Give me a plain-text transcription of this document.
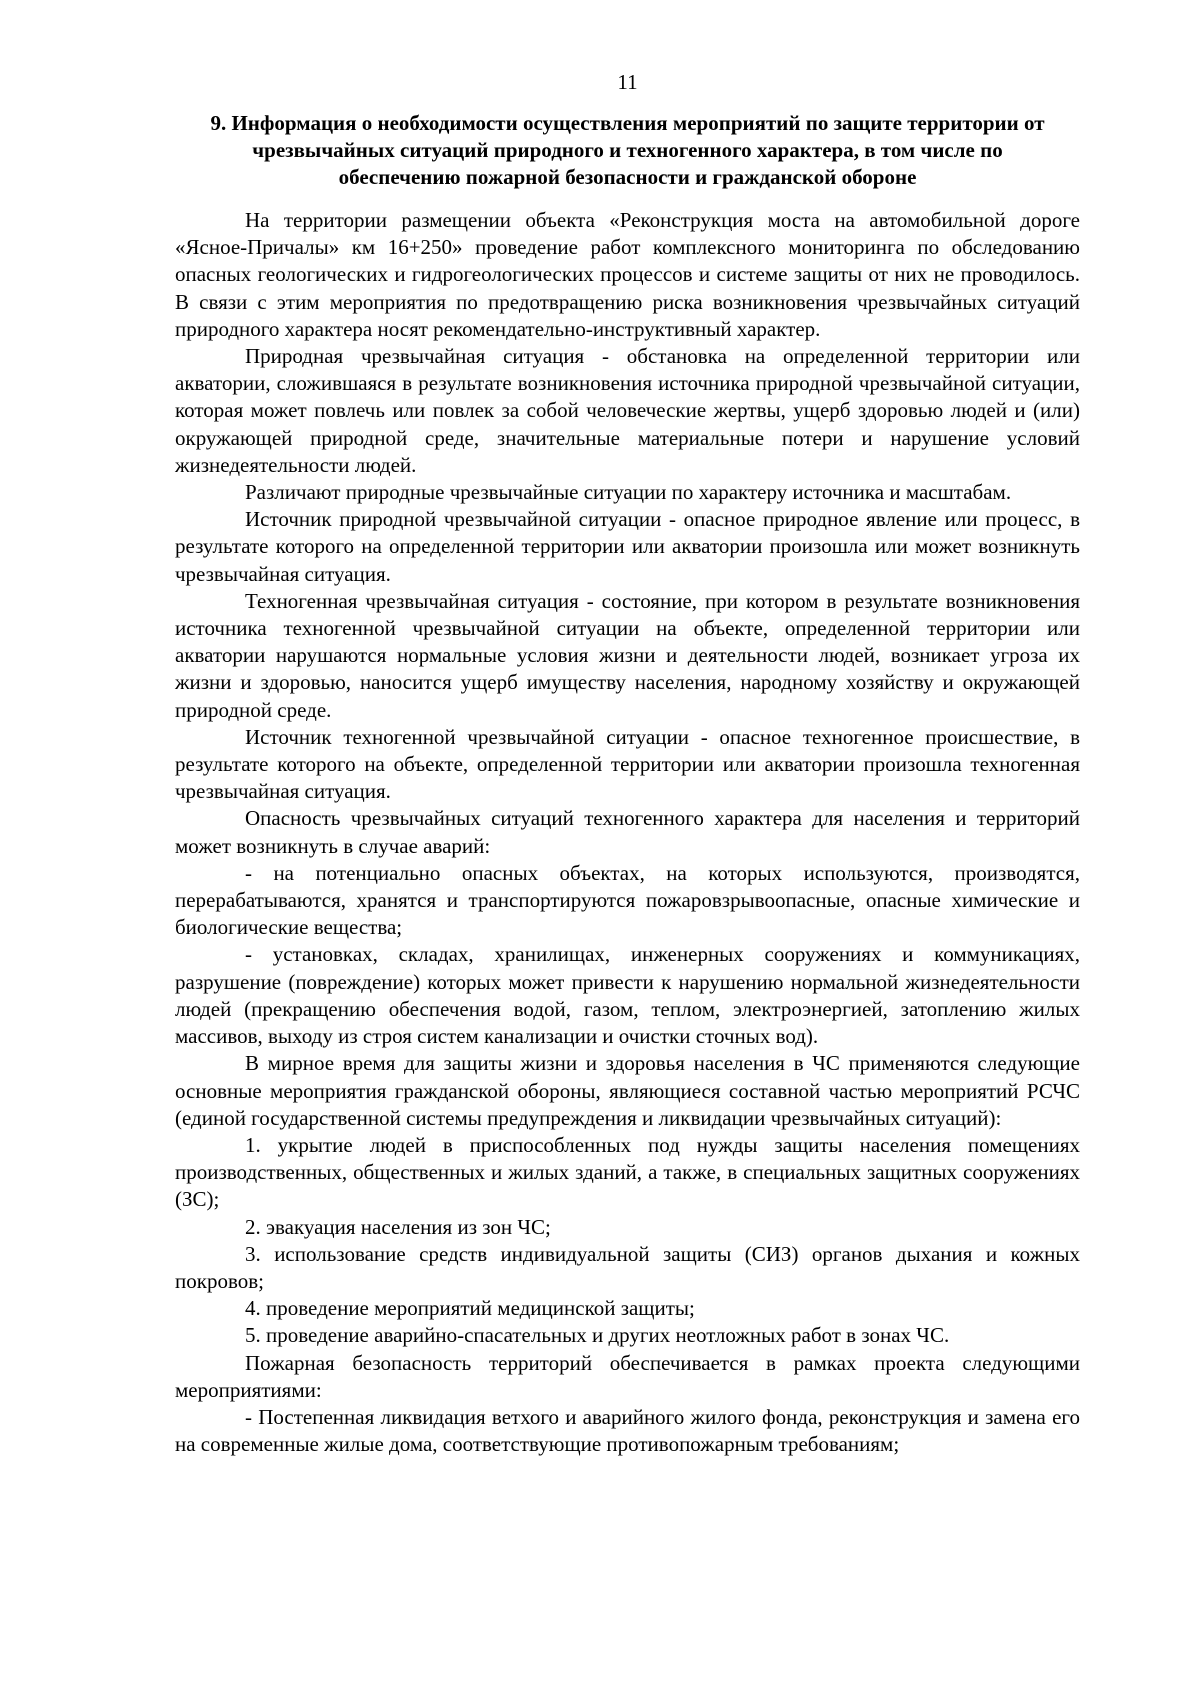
11
9. Информация о необходимости осуществления мероприятий по защите территории от
чрезвычайных ситуаций природного и техногенного характера, в том числе по
обеспечению пожарной безопасности и гражданской обороне

На территории размещении объекта «Реконструкция моста на автомобильной дороге «Ясное-Причалы» км 16+250» проведение работ комплексного мониторинга по обследованию опасных геологических и гидрогеологических процессов и системе защиты от них не проводилось. В связи с этим мероприятия по предотвращению риска возникновения чрезвычайных ситуаций природного характера носят рекомендательно-инструктивный характер.

Природная чрезвычайная ситуация - обстановка на определенной территории или акватории, сложившаяся в результате возникновения источника природной чрезвычайной ситуации, которая может повлечь или повлек за собой человеческие жертвы, ущерб здоровью людей и (или) окружающей природной среде, значительные материальные потери и нарушение условий жизнедеятельности людей.

Различают природные чрезвычайные ситуации по характеру источника и масштабам.

Источник природной чрезвычайной ситуации - опасное природное явление или процесс, в результате которого на определенной территории или акватории произошла или может возникнуть чрезвычайная ситуация.

Техногенная чрезвычайная ситуация - состояние, при котором в результате возникновения источника техногенной чрезвычайной ситуации на объекте, определенной территории или акватории нарушаются нормальные условия жизни и деятельности людей, возникает угроза их жизни и здоровью, наносится ущерб имуществу населения, народному хозяйству и окружающей природной среде.

Источник техногенной чрезвычайной ситуации - опасное техногенное происшествие, в результате которого на объекте, определенной территории или акватории произошла техногенная чрезвычайная ситуация.

Опасность чрезвычайных ситуаций техногенного характера для населения и территорий может возникнуть в случае аварий:

- на потенциально опасных объектах, на которых используются, производятся, перерабатываются, хранятся и транспортируются пожаровзрывоопасные, опасные химические и биологические вещества;

- установках, складах, хранилищах, инженерных сооружениях и коммуникациях, разрушение (повреждение) которых может привести к нарушению нормальной жизнедеятельности людей (прекращению обеспечения водой, газом, теплом, электроэнергией, затоплению жилых массивов, выходу из строя систем канализации и очистки сточных вод).

В мирное время для защиты жизни и здоровья населения в ЧС применяются следующие основные мероприятия гражданской обороны, являющиеся составной частью мероприятий РСЧС (единой государственной системы предупреждения и ликвидации чрезвычайных ситуаций):

1. укрытие людей в приспособленных под нужды защиты населения помещениях производственных, общественных и жилых зданий, а также, в специальных защитных сооружениях (ЗС);

2. эвакуация населения из зон ЧС;

3. использование средств индивидуальной защиты (СИЗ) органов дыхания и кожных покровов;

4. проведение мероприятий медицинской защиты;

5. проведение аварийно-спасательных и других неотложных работ в зонах ЧС.

Пожарная безопасность территорий обеспечивается в рамках проекта следующими мероприятиями:

- Постепенная ликвидация ветхого и аварийного жилого фонда, реконструкция и замена его на современные жилые дома, соответствующие противопожарным требованиям;
